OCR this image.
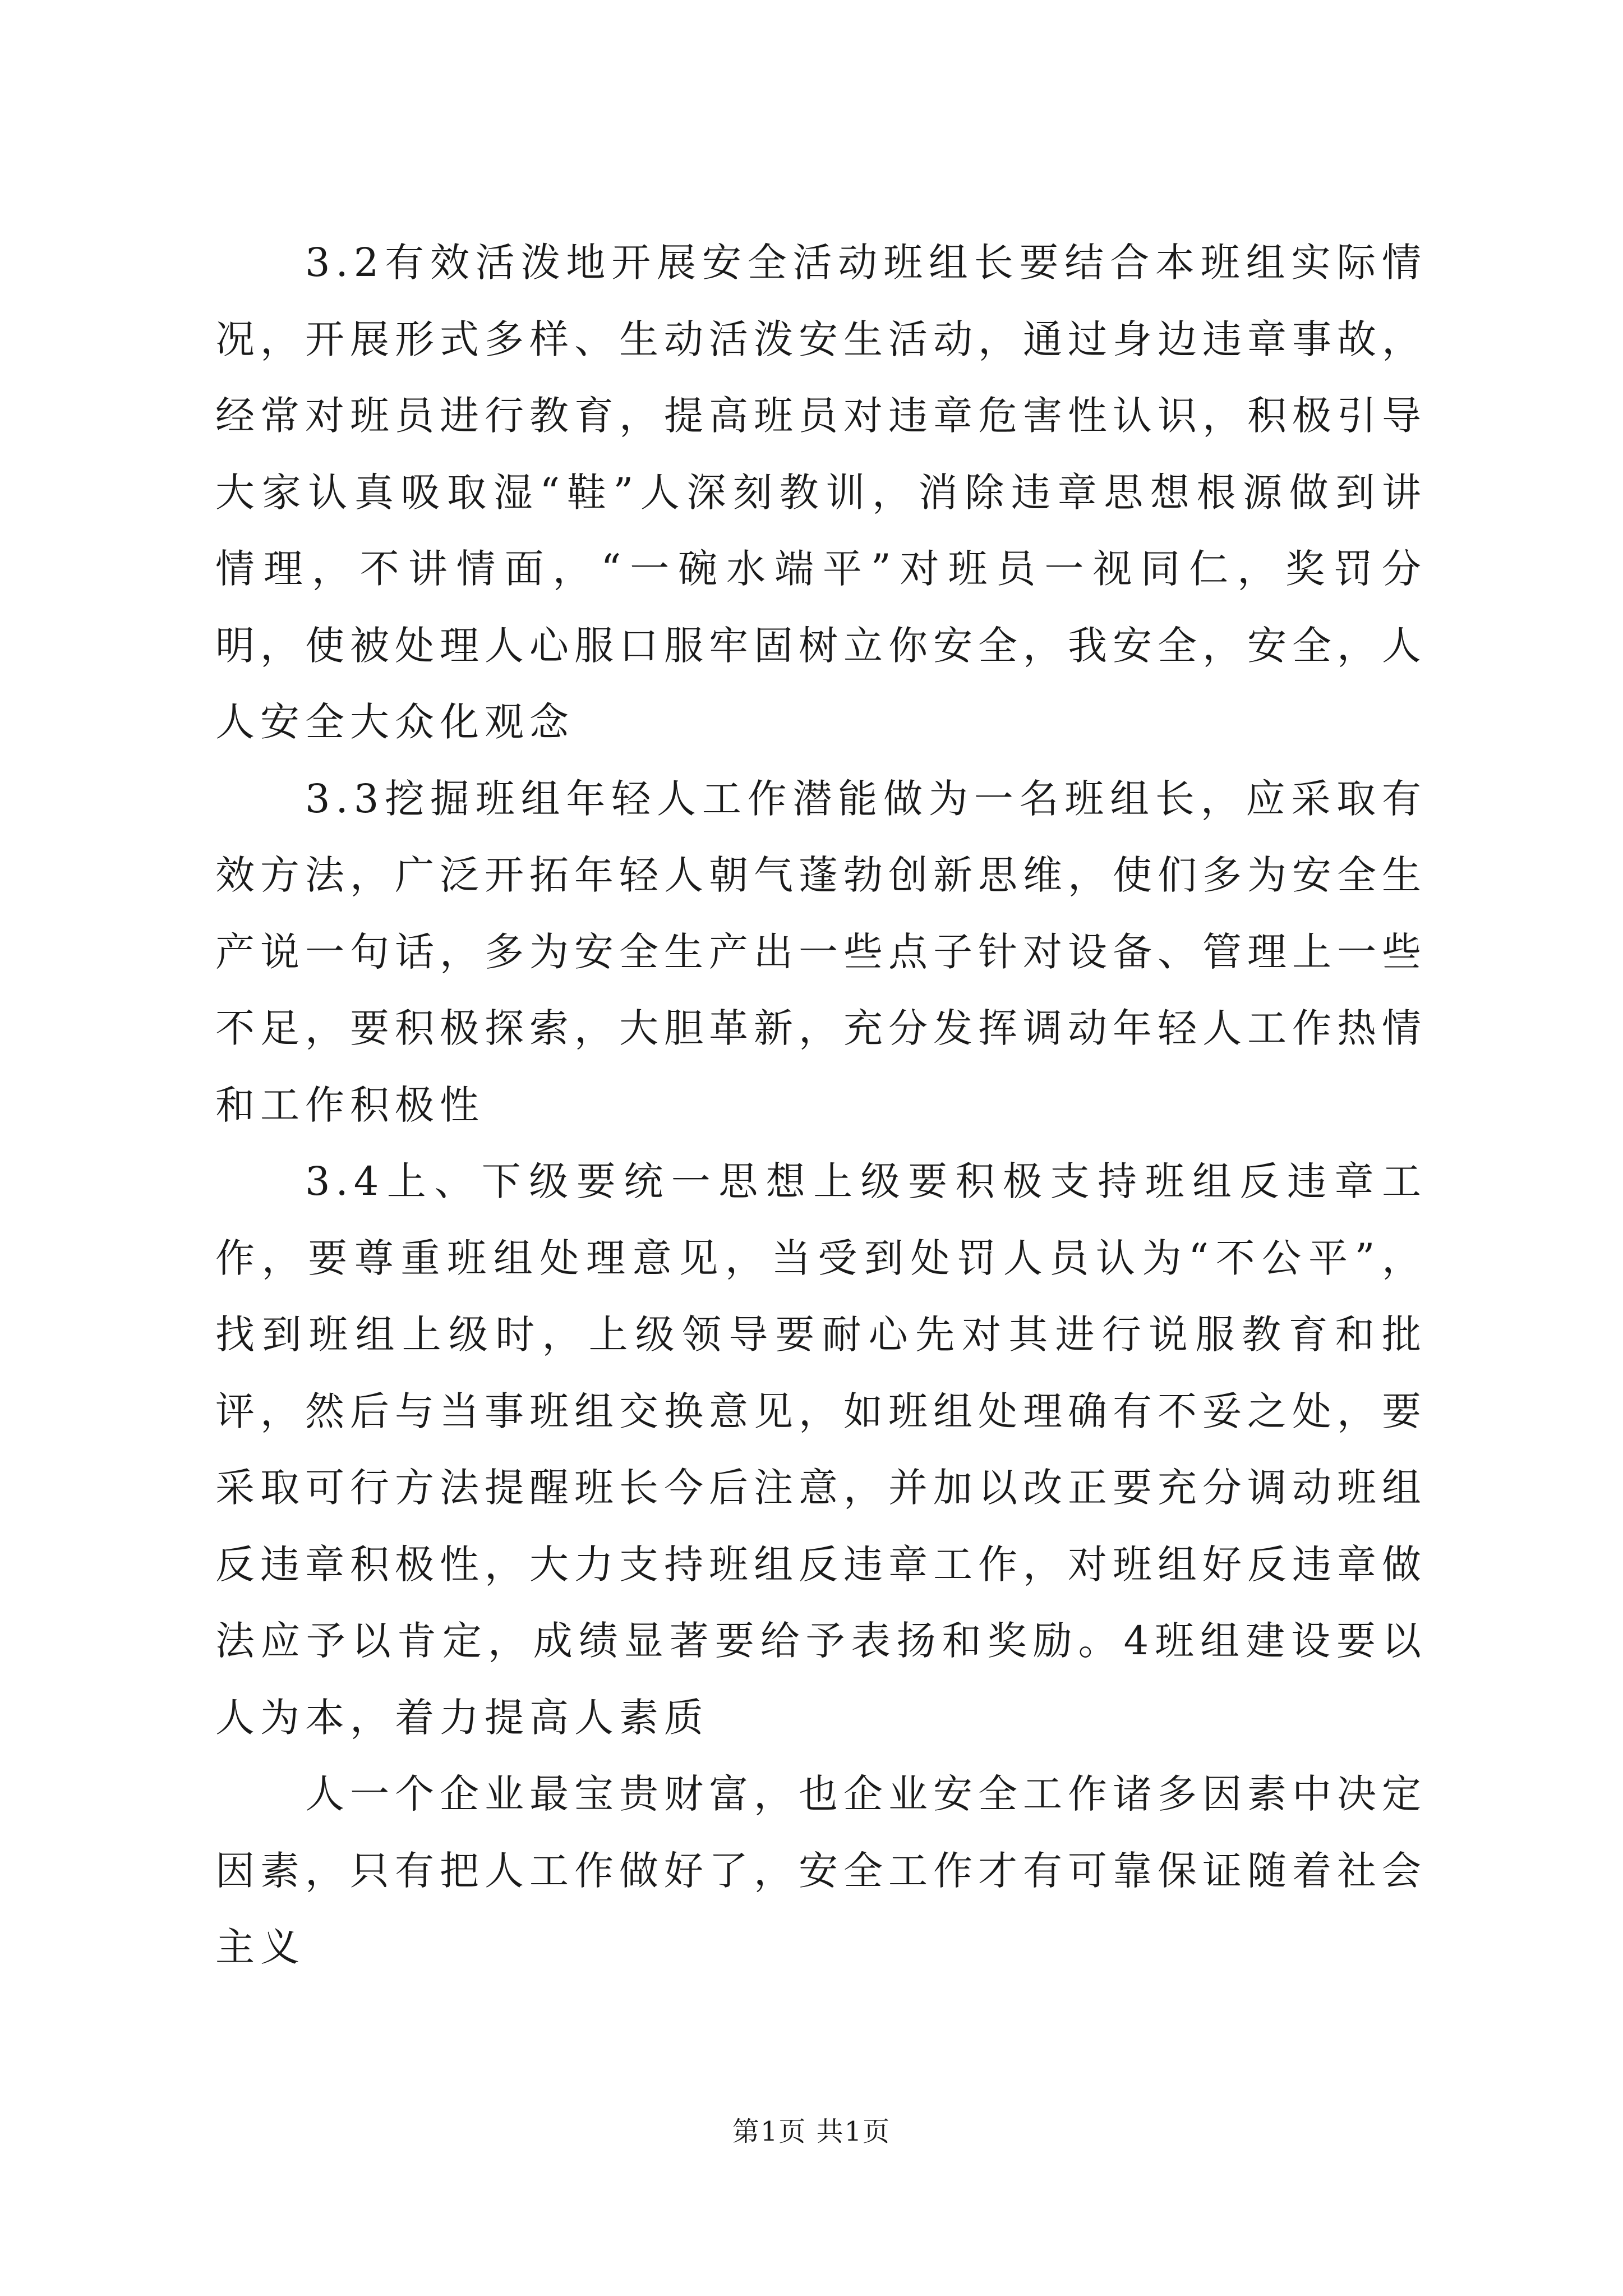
3.2有效活泼地开展安全活动班组长要结合本班组实际情况，开展形式多样、生动活泼安生活动，通过身边违章事故，经常对班员进行教育，提高班员对违章危害性认识，积极引导大家认真吸取湿“鞋”人深刻教训，消除违章思想根源做到讲情理，不讲情面，“一碗水端平”对班员一视同仁，奖罚分明，使被处理人心服口服牢固树立你安全，我安全，安全，人人安全大众化观念

3.3挖掘班组年轻人工作潜能做为一名班组长，应采取有效方法，广泛开拓年轻人朝气蓬勃创新思维，使们多为安全生产说一句话，多为安全生产出一些点子针对设备、管理上一些不足，要积极探索，大胆革新，充分发挥调动年轻人工作热情和工作积极性

3.4上、下级要统一思想上级要积极支持班组反违章工作，要尊重班组处理意见，当受到处罚人员认为“不公平”，找到班组上级时，上级领导要耐心先对其进行说服教育和批评，然后与当事班组交换意见，如班组处理确有不妥之处，要采取可行方法提醒班长今后注意，并加以改正要充分调动班组反违章积极性，大力支持班组反违章工作，对班组好反违章做法应予以肯定，成绩显著要给予表扬和奖励。4班组建设要以人为本，着力提高人素质

人一个企业最宝贵财富，也企业安全工作诸多因素中决定因素，只有把人工作做好了，安全工作才有可靠保证随着社会主义

第1页 共1页
